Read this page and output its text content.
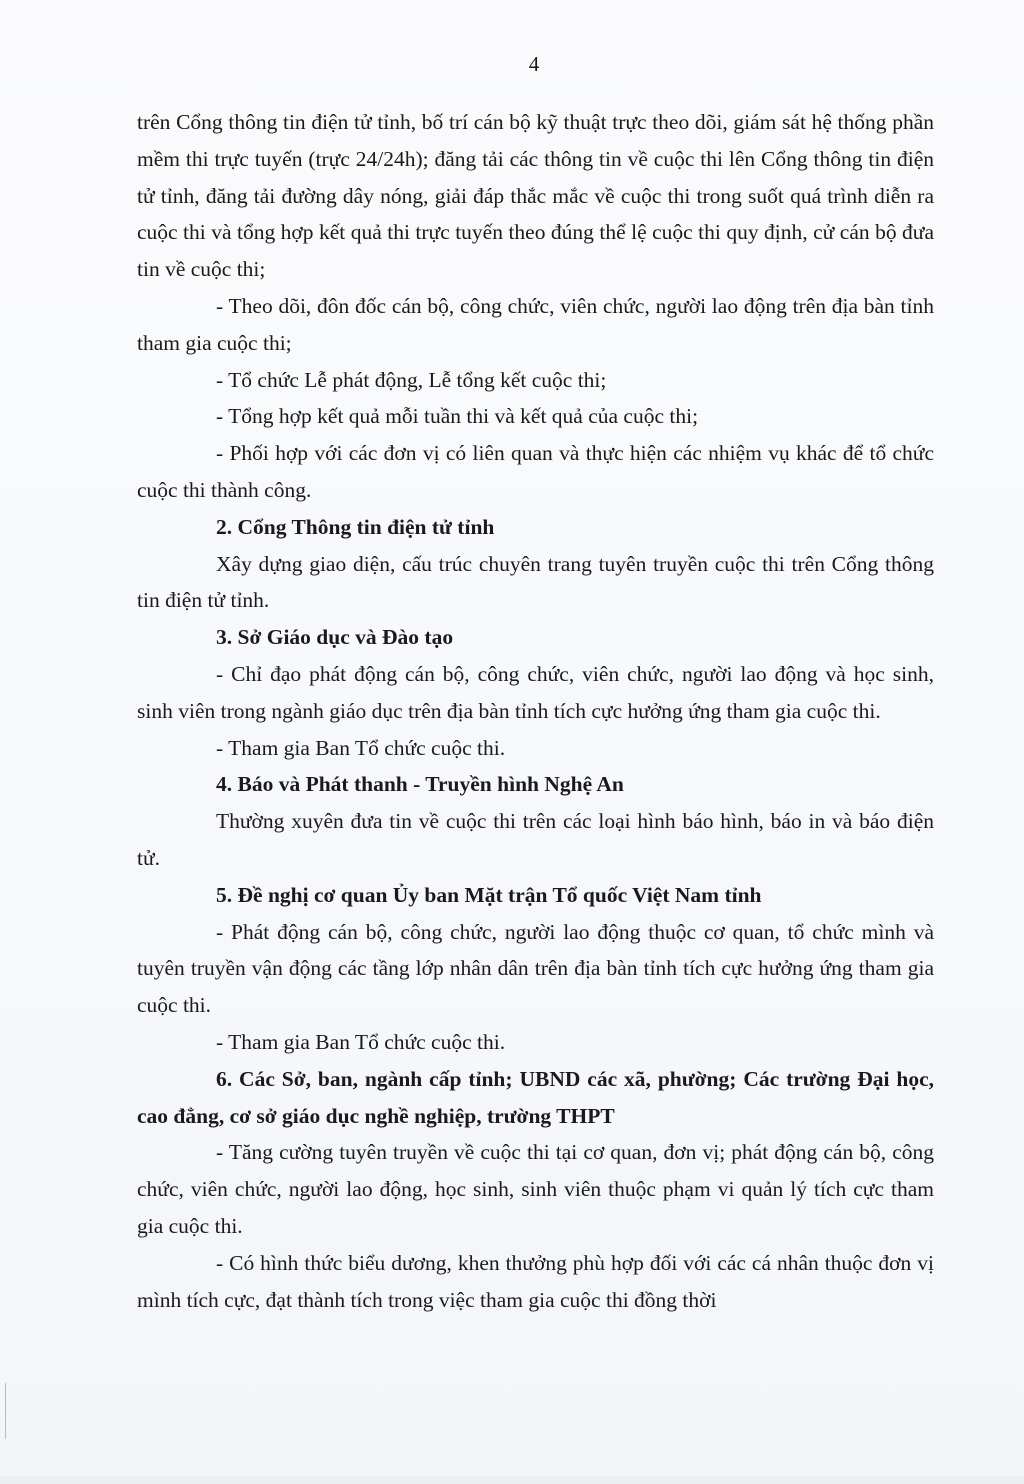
4

trên Cổng thông tin điện tử tỉnh, bố trí cán bộ kỹ thuật trực theo dõi, giám sát hệ thống phần mềm thi trực tuyến (trực 24/24h); đăng tải các thông tin về cuộc thi lên Cổng thông tin điện tử tỉnh, đăng tải đường dây nóng, giải đáp thắc mắc về cuộc thi trong suốt quá trình diễn ra cuộc thi và tổng hợp kết quả thi trực tuyến theo đúng thể lệ cuộc thi quy định, cử cán bộ đưa tin về cuộc thi;

- Theo dõi, đôn đốc cán bộ, công chức, viên chức, người lao động trên địa bàn tỉnh tham gia cuộc thi;

- Tổ chức Lễ phát động, Lễ tổng kết cuộc thi;

- Tổng hợp kết quả mỗi tuần thi và kết quả của cuộc thi;

- Phối hợp với các đơn vị có liên quan và thực hiện các nhiệm vụ khác để tổ chức cuộc thi thành công.

2. Cổng Thông tin điện tử tỉnh

Xây dựng giao diện, cấu trúc chuyên trang tuyên truyền cuộc thi trên Cổng thông tin điện tử tỉnh.

3. Sở Giáo dục và Đào tạo

- Chỉ đạo phát động cán bộ, công chức, viên chức, người lao động và học sinh, sinh viên trong ngành giáo dục trên địa bàn tỉnh tích cực hưởng ứng tham gia cuộc thi.

- Tham gia Ban Tổ chức cuộc thi.

4. Báo và Phát thanh - Truyền hình Nghệ An

Thường xuyên đưa tin về cuộc thi trên các loại hình báo hình, báo in và báo điện tử.

5. Đề nghị cơ quan Ủy ban Mặt trận Tổ quốc Việt Nam tỉnh

- Phát động cán bộ, công chức, người lao động thuộc cơ quan, tổ chức mình và tuyên truyền vận động các tầng lớp nhân dân trên địa bàn tỉnh tích cực hưởng ứng tham gia cuộc thi.

- Tham gia Ban Tổ chức cuộc thi.

6. Các Sở, ban, ngành cấp tỉnh; UBND các xã, phường; Các trường Đại học, cao đẳng, cơ sở giáo dục nghề nghiệp, trường THPT

- Tăng cường tuyên truyền về cuộc thi tại cơ quan, đơn vị; phát động cán bộ, công chức, viên chức, người lao động, học sinh, sinh viên thuộc phạm vi quản lý tích cực tham gia cuộc thi.

- Có hình thức biểu dương, khen thưởng phù hợp đối với các cá nhân thuộc đơn vị mình tích cực, đạt thành tích trong việc tham gia cuộc thi đồng thời
